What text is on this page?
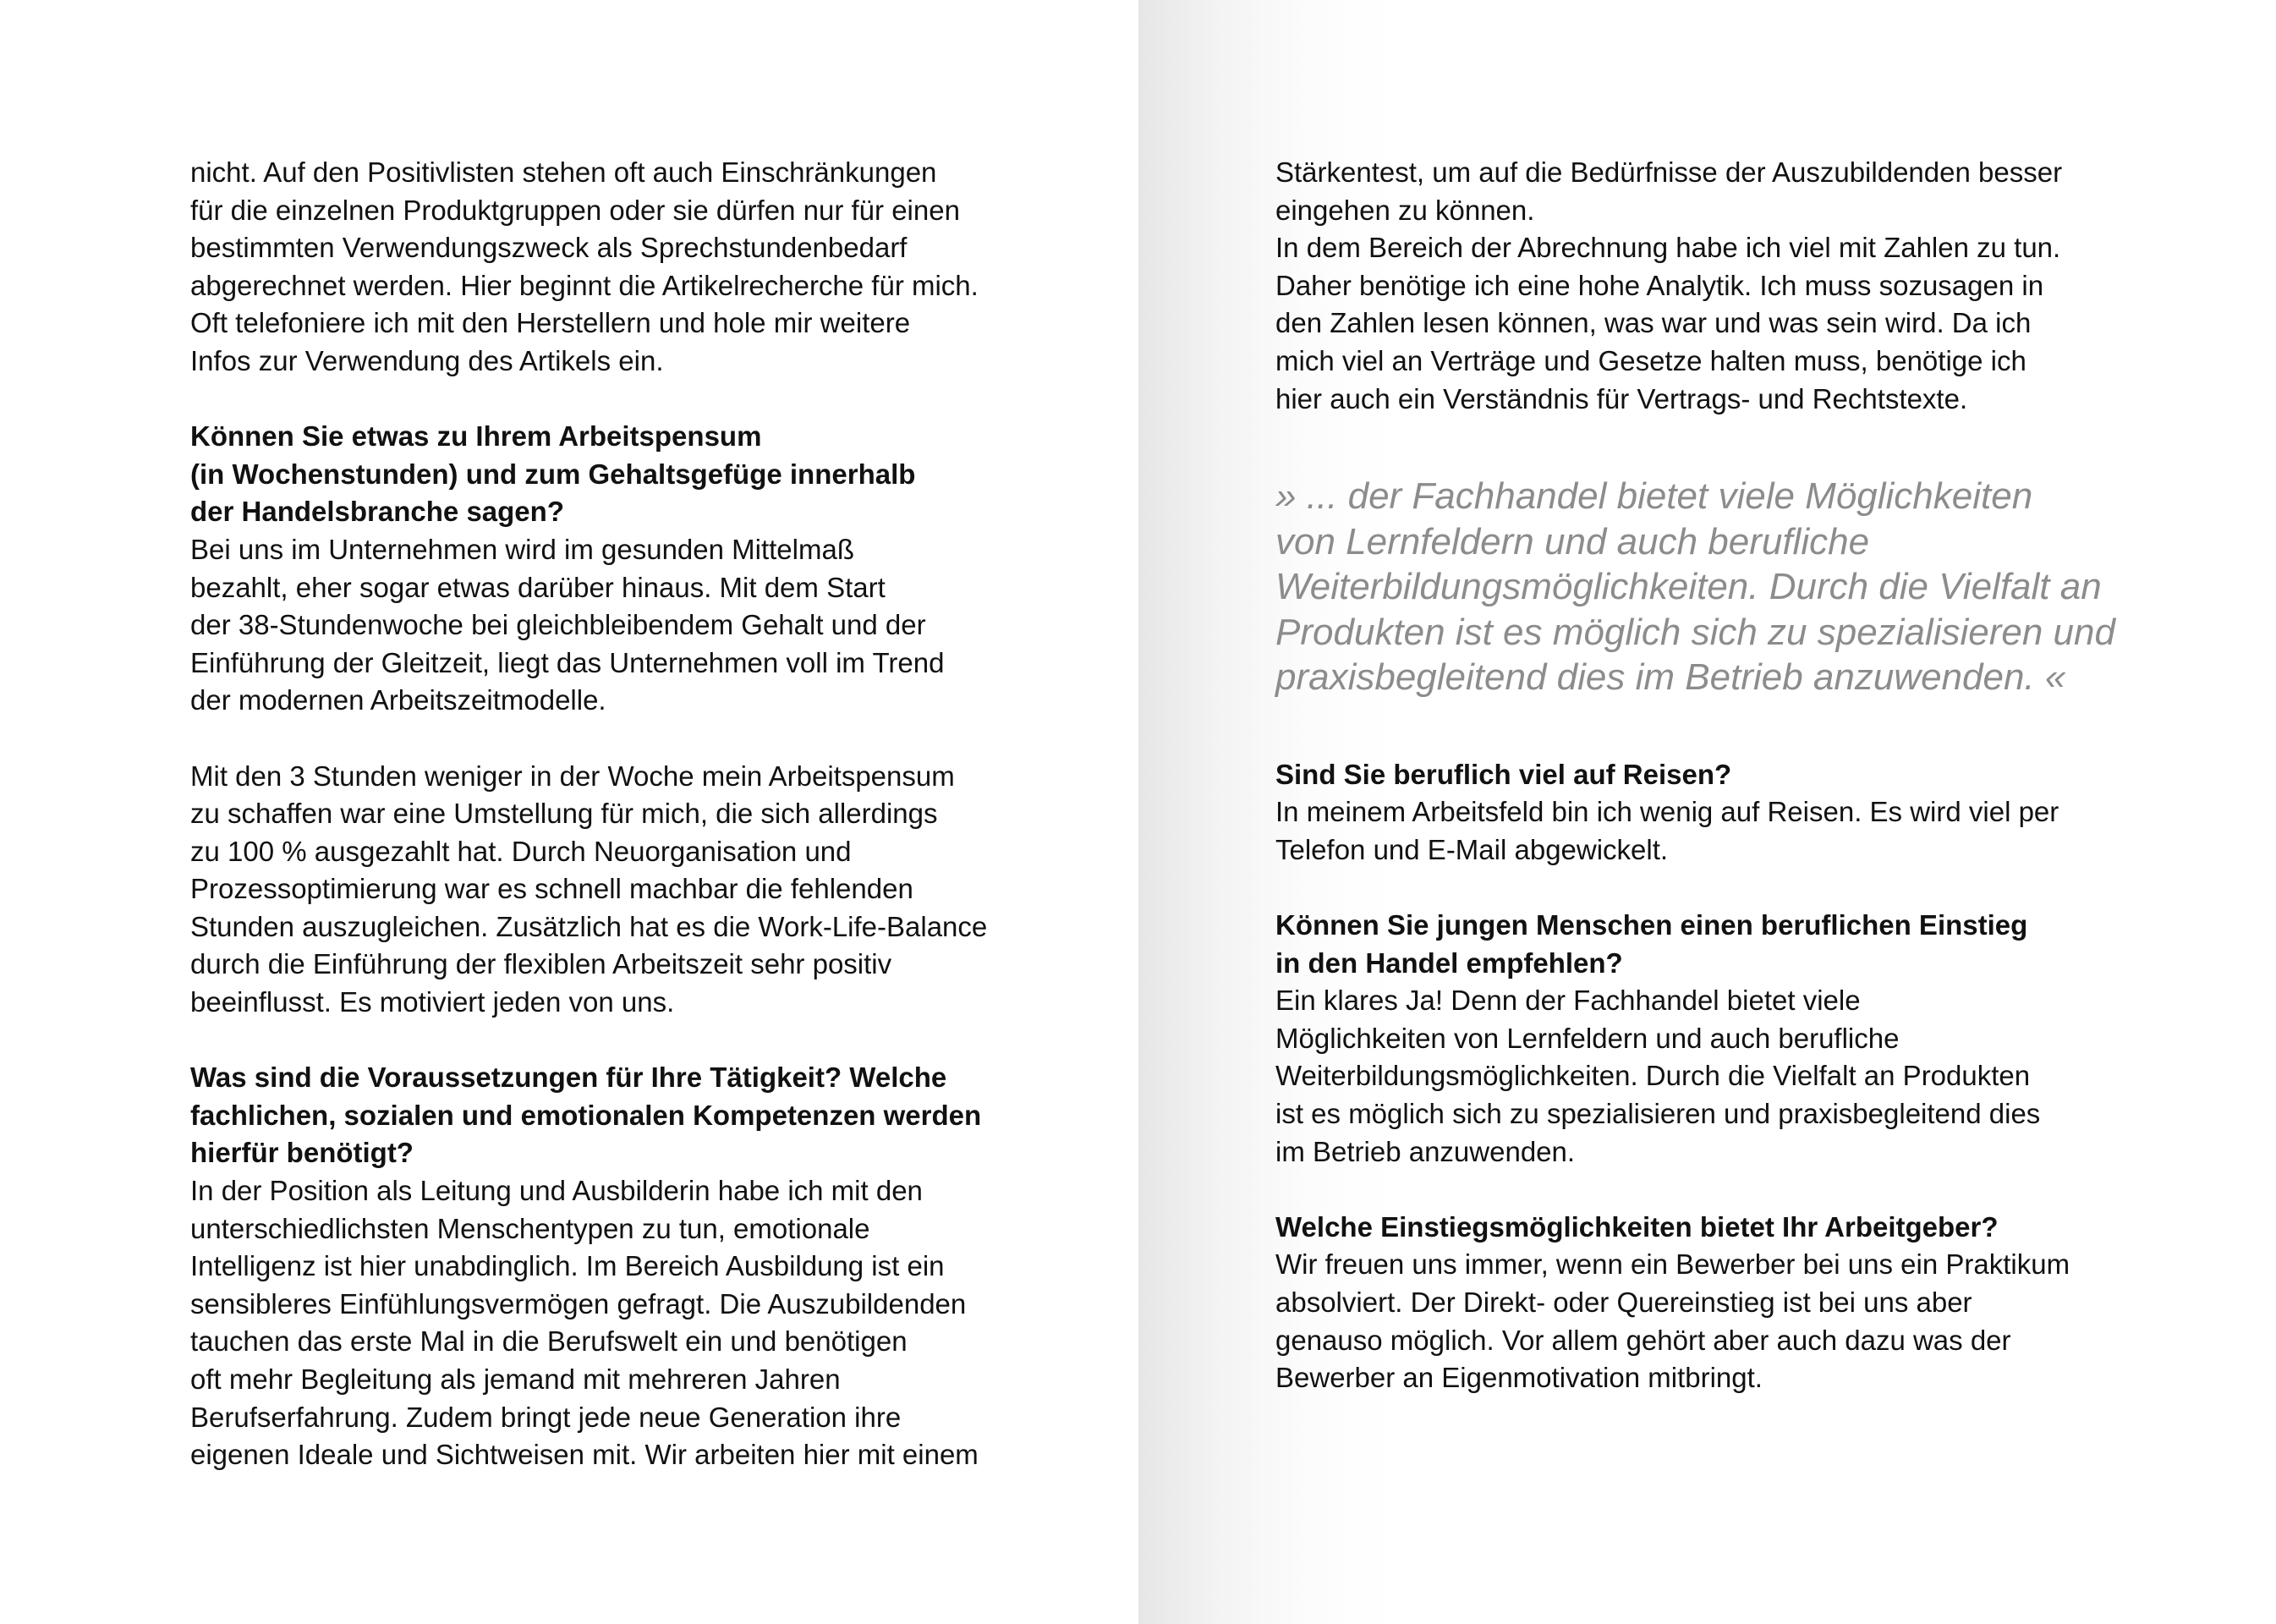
nicht. Auf den Positivlisten stehen oft auch Einschränkungen
für die einzelnen Produktgruppen oder sie dürfen nur für einen
bestimmten Verwendungszweck als Sprechstundenbedarf
abgerechnet werden. Hier beginnt die Artikelrecherche für mich.
Oft telefoniere ich mit den Herstellern und hole mir weitere
Infos zur Verwendung des Artikels ein.
Können Sie etwas zu Ihrem Arbeitspensum
(in Wochenstunden) und zum Gehaltsgefüge innerhalb
der Handelsbranche sagen?
Bei uns im Unternehmen wird im gesunden Mittelmaß
bezahlt, eher sogar etwas darüber hinaus. Mit dem Start
der 38-Stundenwoche bei gleichbleibendem Gehalt und der
Einführung der Gleitzeit, liegt das Unternehmen voll im Trend
der modernen Arbeitszeitmodelle.
Mit den 3 Stunden weniger in der Woche mein Arbeitspensum
zu schaffen war eine Umstellung für mich, die sich allerdings
zu 100 % ausgezahlt hat. Durch Neuorganisation und
Prozessoptimierung war es schnell machbar die fehlenden
Stunden auszugleichen. Zusätzlich hat es die Work-Life-Balance
durch die Einführung der flexiblen Arbeitszeit sehr positiv
beeinflusst. Es motiviert jeden von uns.
Was sind die Voraussetzungen für Ihre Tätigkeit? Welche
fachlichen, sozialen und emotionalen Kompetenzen werden
hierfür benötigt?
In der Position als Leitung und Ausbilderin habe ich mit den
unterschiedlichsten Menschentypen zu tun, emotionale
Intelligenz ist hier unabdinglich. Im Bereich Ausbildung ist ein
sensibleres Einfühlungsvermögen gefragt. Die Auszubildenden
tauchen das erste Mal in die Berufswelt ein und benötigen
oft mehr Begleitung als jemand mit mehreren Jahren
Berufserfahrung. Zudem bringt jede neue Generation ihre
eigenen Ideale und Sichtweisen mit. Wir arbeiten hier mit einem
Stärkentest, um auf die Bedürfnisse der Auszubildenden besser
eingehen zu können.
In dem Bereich der Abrechnung habe ich viel mit Zahlen zu tun.
Daher benötige ich eine hohe Analytik. Ich muss sozusagen in
den Zahlen lesen können, was war und was sein wird. Da ich
mich viel an Verträge und Gesetze halten muss, benötige ich
hier auch ein Verständnis für Vertrags- und Rechtstexte.
» ... der Fachhandel bietet viele Möglichkeiten
von Lernfeldern und auch berufliche
Weiterbildungsmöglichkeiten. Durch die Vielfalt an
Produkten ist es möglich sich zu spezialisieren und
praxisbegleitend dies im Betrieb anzuwenden. «
Sind Sie beruflich viel auf Reisen?
In meinem Arbeitsfeld bin ich wenig auf Reisen. Es wird viel per
Telefon und E-Mail abgewickelt.
Können Sie jungen Menschen einen beruflichen Einstieg
in den Handel empfehlen?
Ein klares Ja! Denn der Fachhandel bietet viele
Möglichkeiten von Lernfeldern und auch berufliche
Weiterbildungsmöglichkeiten. Durch die Vielfalt an Produkten
ist es möglich sich zu spezialisieren und praxisbegleitend dies
im Betrieb anzuwenden.
Welche Einstiegsmöglichkeiten bietet Ihr Arbeitgeber?
Wir freuen uns immer, wenn ein Bewerber bei uns ein Praktikum
absolviert. Der Direkt- oder Quereinstieg ist bei uns aber
genauso möglich. Vor allem gehört aber auch dazu was der
Bewerber an Eigenmotivation mitbringt.
